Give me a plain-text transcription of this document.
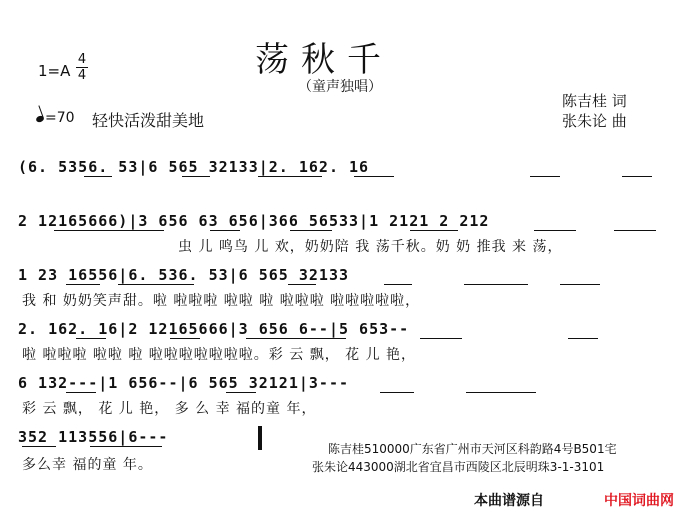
荡秋千
（童声独唱）
1=A
4
4
=70 轻快活泼甜美地
陈吉桂 词
张朱论 曲
(6. 5356. 53|6 565 32133|2. 162. 16
2 12165666)|3 656 63 656|366 56533|1 2121 2 212
虫 儿 鸣鸟 儿 欢，奶奶陪 我 荡千秋。奶 奶 推我 来 荡，
1 23 16556|6. 536. 53|6 565 32133
我 和 奶奶笑声甜。啦 啦啦啦 啦啦 啦 啦啦啦 啦啦啦啦啦，
2. 162. 16|2 12165666|3 656 6--|5 653--
啦 啦啦啦 啦啦 啦 啦啦啦啦啦啦啦。彩 云 飘， 花 儿 艳，
6 132---|1 656--|6 565 32121|3---
彩 云 飘， 花 儿 艳， 多 么 幸 福的童 年，
352 113556|6---
多么幸 福的童 年。
陈吉桂510000广东省广州市天河区科韵路4号B501宅
张朱论443000湖北省宜昌市西陵区北辰明珠3-1-3101
本曲谱源自	中国词曲网
